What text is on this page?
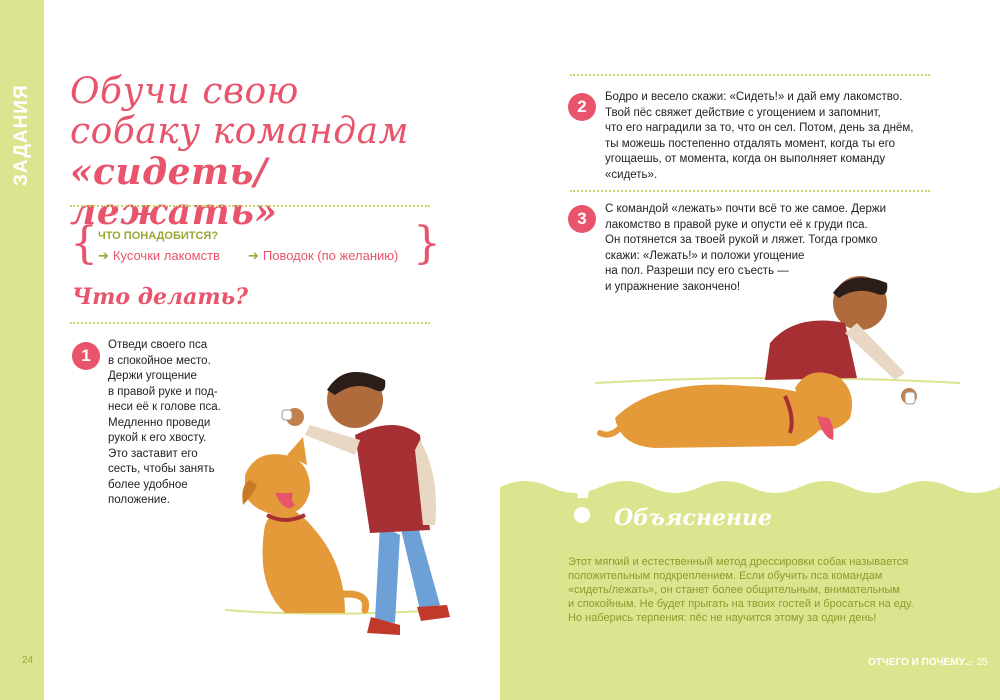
ЗАДАНИЯ Обучи свою
собаку командам
«сидеть/лежать»
{	}
ЧТО ПОНАДОБИТСЯ?
➔ Кусочки лакомств ➔ Поводок (по желанию)
Что делать?
1
Отведи своего пса
в спокойное место.
Держи угощение
в правой руке и под-
неси её к голове пса.
Медленно проведи
рукой к его хвосту.
Это заставит его
сесть, чтобы занять
более удобное
положение.
2	Бодро и весело скажи: «Сидеть!» и дай ему лакомство.
Твой пёс свяжет действие с угощением и запомнит,
что его наградили за то, что он сел. Потом, день за днём,
ты можешь постепенно отдалять момент, когда ты его
угощаешь, от момента, когда он выполняет команду
«сидеть».
3	С командой «лежать» почти всё то же самое. Держи
лакомство в правой руке и опусти её к груди пса.
Он потянется за твоей рукой и ляжет. Тогда громко
скажи: «Лежать!» и положи угощение
на пол. Разреши псу его съесть —
и упражнение закончено!
Объяснение
Этот мягкий и естественный метод дрессировки собак называется
положительным подкреплением. Если обучить пса командам
«сидеть/лежать», он станет более общительным, внимательным
и спокойным. Не будет прыгать на твоих гостей и бросаться на еду.
Но наберись терпения: пёс не научится этому за один день!
24	ОТЧЕГО И ПОЧЕМУ...
~ 25
